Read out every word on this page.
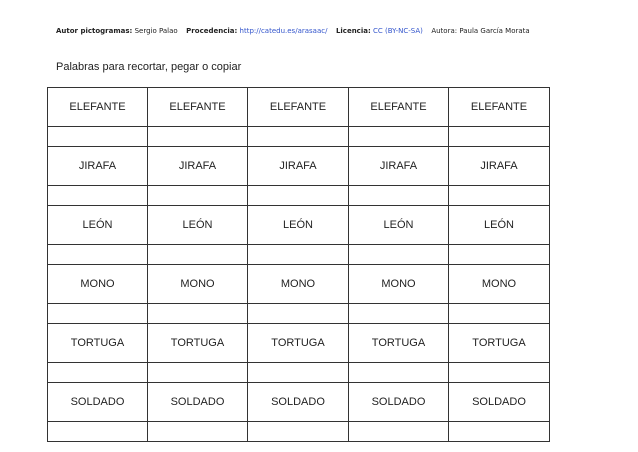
Autor pictogramas: Sergio Palao Procedencia: http://catedu.es/arasaac/ Licencia: CC (BY-NC-SA) Autora: Paula García Morata
Palabras para recortar, pegar o copiar
ELEFANTE	ELEFANTE	ELEFANTE	ELEFANTE	ELEFANTE

JIRAFA	JIRAFA	JIRAFA	JIRAFA	JIRAFA

LEÓN	LEÓN	LEÓN	LEÓN	LEÓN

MONO	MONO	MONO	MONO	MONO

TORTUGA	TORTUGA	TORTUGA	TORTUGA	TORTUGA

SOLDADO	SOLDADO	SOLDADO	SOLDADO	SOLDADO
